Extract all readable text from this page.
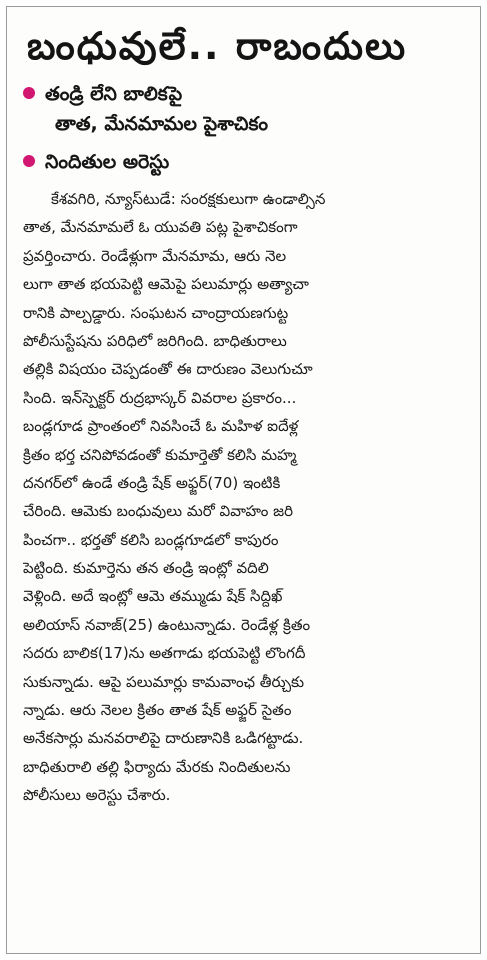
బంధువులే.. రాబందులు
తండ్రి లేని బాలికపై
తాత, మేనమామల పైశాచికం
నిందితుల అరెస్టు
కేశవగిరి, న్యూస్‌టుడే: సంరక్షకులుగా ఉండాల్సిన
తాత, మేనమామలే ఓ యువతి పట్ల పైశాచికంగా
ప్రవర్తించారు. రెండేళ్లుగా మేనమామ, ఆరు నెల
లుగా తాత భయపెట్టి ఆమెపై పలుమార్లు అత్యాచా
రానికి పాల్పడ్డారు. సంఘటన చాంద్రాయణగుట్ట
పోలీసుస్టేషను పరిధిలో జరిగింది. బాధితురాలు
తల్లికి విషయం చెప్పడంతో ఈ దారుణం వెలుగుచూ
సింది. ఇన్‌స్పెక్టర్ రుద్రభాస్కర్ వివరాల ప్రకారం...
బండ్లగూడ ప్రాంతంలో నివసించే ఓ మహిళ ఐదేళ్ల
క్రితం భర్త చనిపోవడంతో కుమార్తెతో కలిసి మహ్మ
దనగర్‌లో ఉండే తండ్రి షేక్ అఫ్జర్(70) ఇంటికి
చేరింది. ఆమెకు బంధువులు మరో వివాహం జరి
పించగా.. భర్తతో కలిసి బండ్లగూడలో కాపురం
పెట్టింది. కుమార్తెను తన తండ్రి ఇంట్లో వదిలి
వెళ్లింది. అదే ఇంట్లో ఆమె తమ్ముడు షేక్ సిద్దిఖ్
అలియాస్ నవాజ్(25) ఉంటున్నాడు. రెండేళ్ల క్రితం
సదరు బాలిక(17)ను అతగాడు భయపెట్టి లొంగదీ
సుకున్నాడు. ఆపై పలుమార్లు కామవాంఛ తీర్చుకు
న్నాడు. ఆరు నెలల క్రితం తాత షేక్ అఫ్జర్ సైతం
అనేకసార్లు మనవరాలిపై దారుణానికి ఒడిగట్టాడు.
బాధితురాలి తల్లి ఫిర్యాదు మేరకు నిందితులను
పోలీసులు అరెస్టు చేశారు.
